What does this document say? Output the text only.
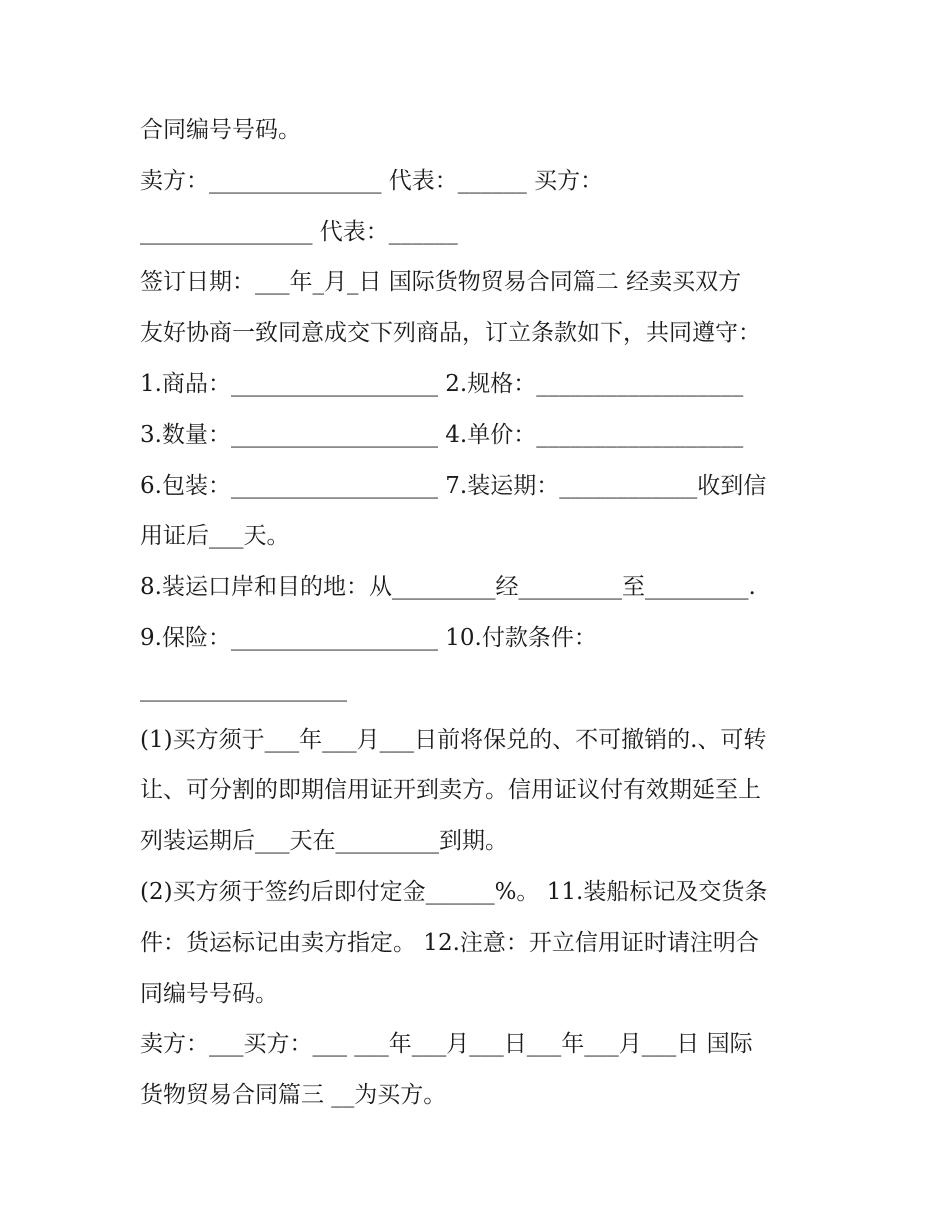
合同编号号码。
卖方：_______________ 代表：______ 买方：
_______________ 代表：______
签订日期：___年_月_日 国际货物贸易合同篇二 经卖买双方
友好协商一致同意成交下列商品，订立条款如下，共同遵守：
1.商品：__________________ 2.规格：__________________
3.数量：__________________ 4.单价：__________________
6.包装：__________________ 7.装运期：____________收到信
用证后___天。
8.装运口岸和目的地：从_________经_________至_________.
9.保险：__________________ 10.付款条件：
__________________
(1)买方须于___年___月___日前将保兑的、不可撤销的.、可转
让、可分割的即期信用证开到卖方。信用证议付有效期延至上
列装运期后___天在_________到期。
(2)买方须于签约后即付定金______%。 11.装船标记及交货条
件：货运标记由卖方指定。 12.注意：开立信用证时请注明合
同编号号码。
卖方：___买方：___ ___年___月___日___年___月___日 国际
货物贸易合同篇三 __为买方。
